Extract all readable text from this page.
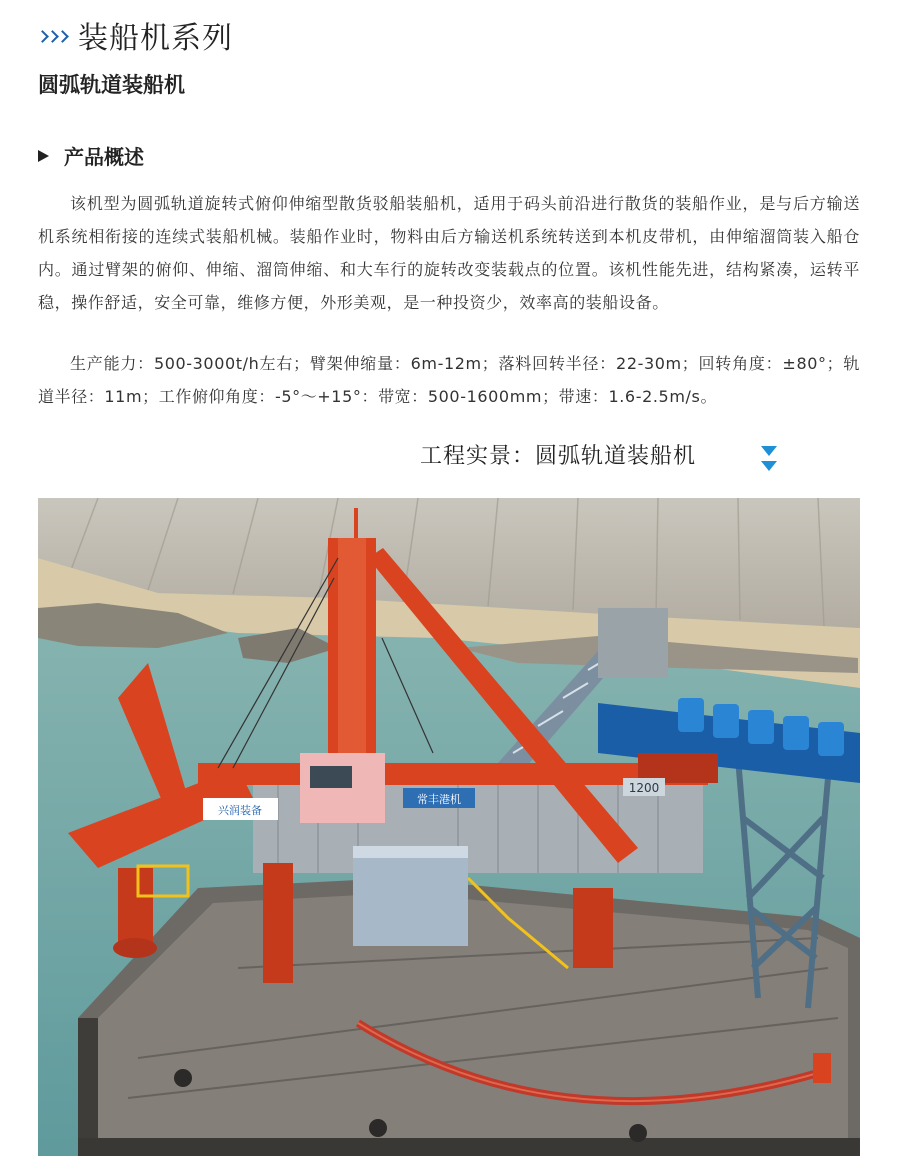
装船机系列
圆弧轨道装船机
产品概述

该机型为圆弧轨道旋转式俯仰伸缩型散货驳船装船机，适用于码头前沿进行散货的装船作业，是与后方输送机系统相衔接的连续式装船机械。装船作业时，物料由后方输送机系统转送到本机皮带机，由伸缩溜筒装入船仓内。通过臂架的俯仰、伸缩、溜筒伸缩、和大车行的旋转改变装载点的位置。该机性能先进，结构紧凑，运转平稳，操作舒适，安全可靠，维修方便，外形美观，是一种投资少，效率高的装船设备。

生产能力：500-3000t/h左右；臂架伸缩量：6m-12m；落料回转半径：22-30m；回转角度：±80°；轨道半径：11m；工作俯仰角度：-5°～+15°：带宽：500-1600mm；带速：1.6-2.5m/s。

工程实景：圆弧轨道装船机
兴润装备
常丰港机
1200
